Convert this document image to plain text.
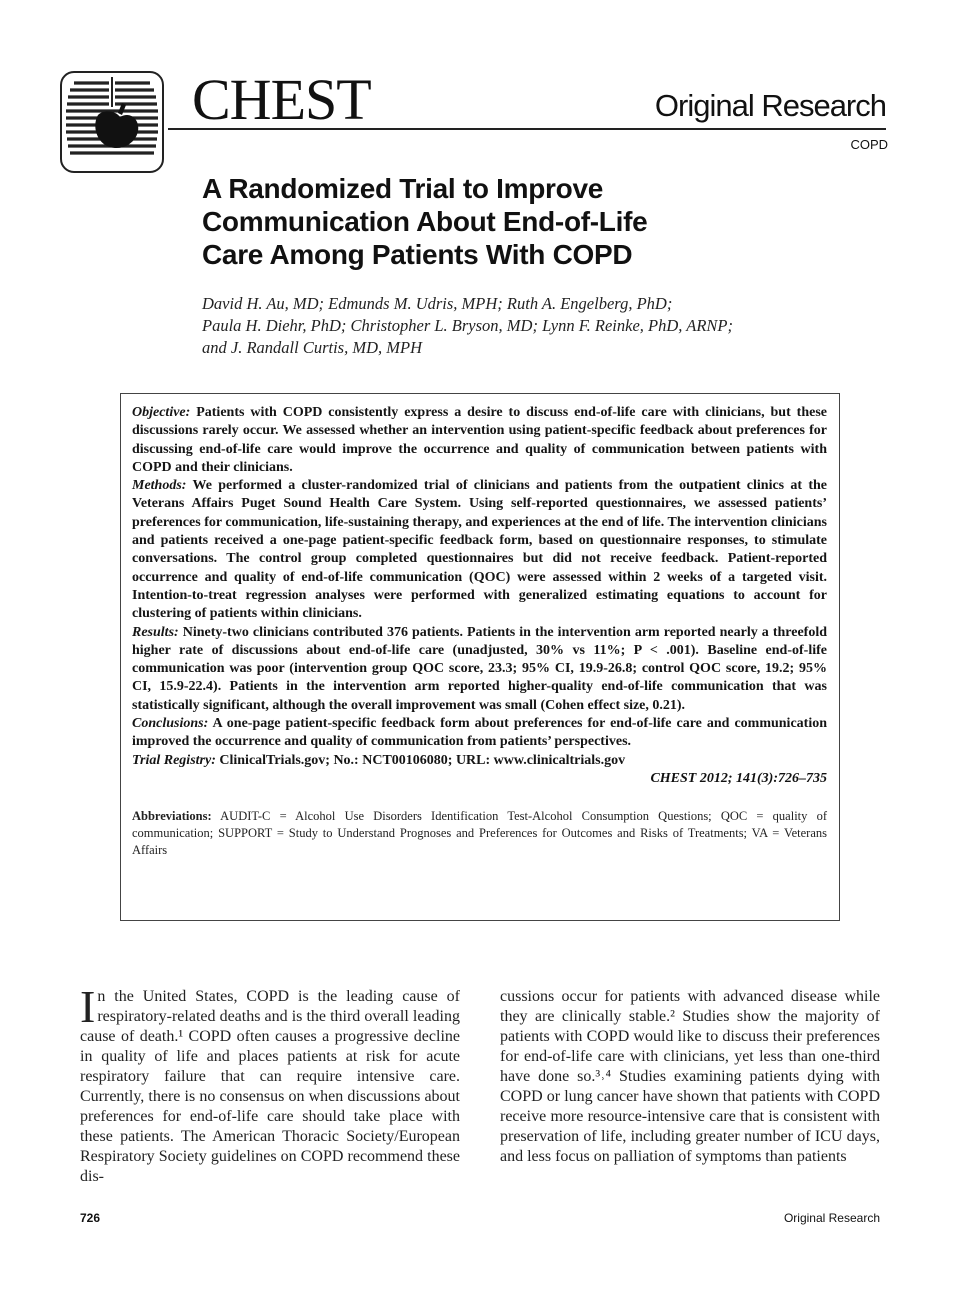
CHEST	Original Research
COPD
A Randomized Trial to Improve
Communication About End-of-Life
Care Among Patients With COPD
David H. Au, MD; Edmunds M. Udris, MPH; Ruth A. Engelberg, PhD;
Paula H. Diehr, PhD; Christopher L. Bryson, MD; Lynn F. Reinke, PhD, ARNP;
and J. Randall Curtis, MD, MPH

Objective: Patients with COPD consistently express a desire to discuss end-of-life care with clinicians, but these discussions rarely occur. We assessed whether an intervention using patient-specific feedback about preferences for discussing end-of-life care would improve the occurrence and quality of communication between patients with COPD and their clinicians.

Methods: We performed a cluster-randomized trial of clinicians and patients from the outpatient clinics at the Veterans Affairs Puget Sound Health Care System. Using self-reported questionnaires, we assessed patients’ preferences for communication, life-sustaining therapy, and experiences at the end of life. The intervention clinicians and patients received a one-page patient-specific feedback form, based on questionnaire responses, to stimulate conversations. The control group completed questionnaires but did not receive feedback. Patient-reported occurrence and quality of end-of-life communication (QOC) were assessed within 2 weeks of a targeted visit. Intention-to-treat regression analyses were performed with generalized estimating equations to account for clustering of patients within clinicians.

Results: Ninety-two clinicians contributed 376 patients. Patients in the intervention arm reported nearly a threefold higher rate of discussions about end-of-life care (unadjusted, 30% vs 11%; P < .001). Baseline end-of-life communication was poor (intervention group QOC score, 23.3; 95% CI, 19.9-26.8; control QOC score, 19.2; 95% CI, 15.9-22.4). Patients in the intervention arm reported higher-quality end-of-life communication that was statistically significant, although the overall improvement was small (Cohen effect size, 0.21).

Conclusions: A one-page patient-specific feedback form about preferences for end-of-life care and communication improved the occurrence and quality of communication from patients’ perspectives.

Trial Registry: ClinicalTrials.gov; No.: NCT00106080; URL: www.clinicaltrials.gov

CHEST 2012; 141(3):726–735

Abbreviations: AUDIT-C = Alcohol Use Disorders Identification Test-Alcohol Consumption Questions; QOC = quality of communication; SUPPORT = Study to Understand Prognoses and Preferences for Outcomes and Risks of Treatments; VA = Veterans Affairs

In the United States, COPD is the leading cause of respiratory-related deaths and is the third overall leading cause of death.¹ COPD often causes a progressive decline in quality of life and places patients at risk for acute respiratory failure that can require intensive care. Currently, there is no consensus on when discussions about preferences for end-of-life care should take place with these patients. The American Thoracic Society/European Respiratory Society guidelines on COPD recommend these dis-
cussions occur for patients with advanced disease while they are clinically stable.² Studies show the majority of patients with COPD would like to discuss their preferences for end-of-life care with clinicians, yet less than one-third have done so.³˒⁴ Studies examining patients dying with COPD or lung cancer have shown that patients with COPD receive more resource-intensive care that is consistent with preservation of life, including greater number of ICU days, and less focus on palliation of symptoms than patients
726	Original Research
